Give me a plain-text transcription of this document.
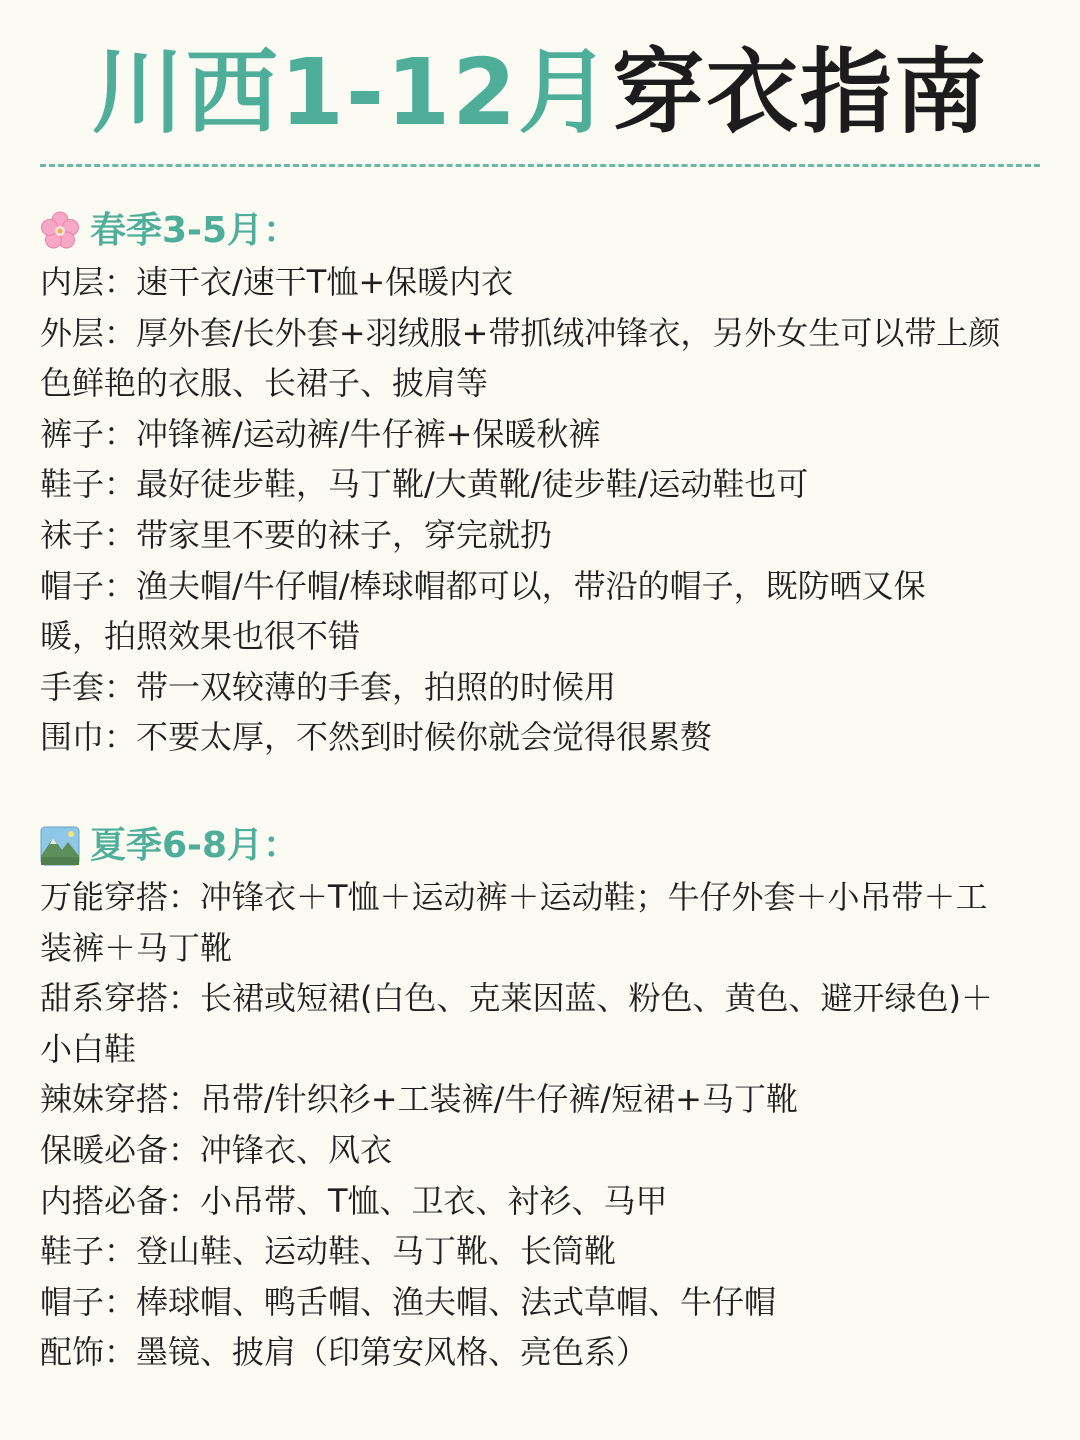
川西1-12月穿衣指南
春季3-5月：

内层：速干衣/速干T恤+保暖内衣

外层：厚外套/长外套+羽绒服+带抓绒冲锋衣，另外女生可以带上颜

色鲜艳的衣服、长裙子、披肩等

裤子：冲锋裤/运动裤/牛仔裤+保暖秋裤

鞋子：最好徒步鞋，马丁靴/大黄靴/徒步鞋/运动鞋也可

袜子：带家里不要的袜子，穿完就扔

帽子：渔夫帽/牛仔帽/棒球帽都可以，带沿的帽子，既防晒又保

暖，拍照效果也很不错

手套：带一双较薄的手套，拍照的时候用

围巾：不要太厚，不然到时候你就会觉得很累赘

夏季6-8月：

万能穿搭：冲锋衣＋T恤＋运动裤＋运动鞋；牛仔外套＋小吊带＋工

装裤＋马丁靴

甜系穿搭：长裙或短裙(白色、克莱因蓝、粉色、黄色、避开绿色)＋

小白鞋

辣妹穿搭：吊带/针织衫+工装裤/牛仔裤/短裙+马丁靴

保暖必备：冲锋衣、风衣

内搭必备：小吊带、T恤、卫衣、衬衫、马甲

鞋子：登山鞋、运动鞋、马丁靴、长筒靴

帽子：棒球帽、鸭舌帽、渔夫帽、法式草帽、牛仔帽

配饰：墨镜、披肩（印第安风格、亮色系）
